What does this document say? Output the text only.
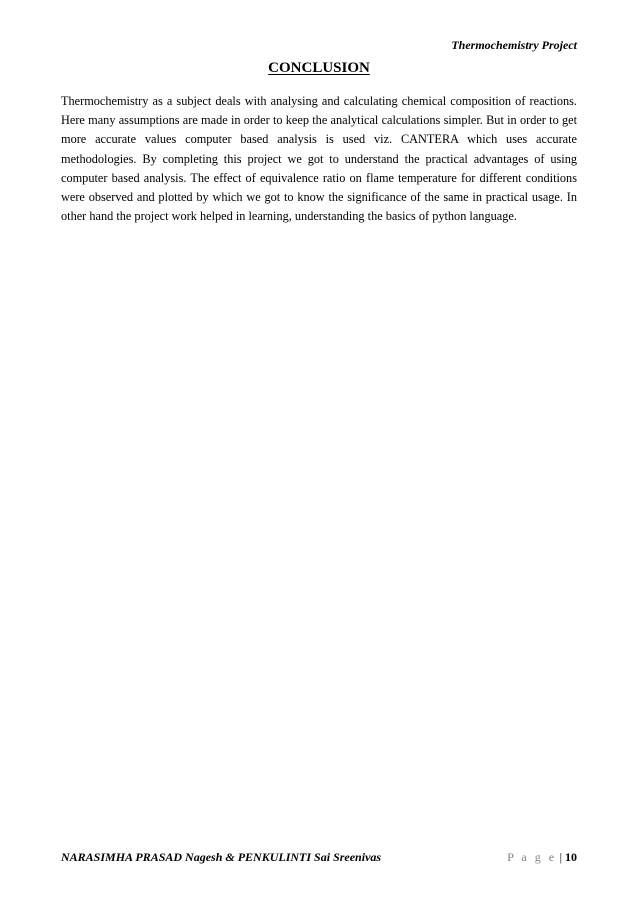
Thermochemistry Project
CONCLUSION

Thermochemistry as a subject deals with analysing and calculating chemical composition of reactions. Here many assumptions are made in order to keep the analytical calculations simpler. But in order to get more accurate values computer based analysis is used viz. CANTERA which uses accurate methodologies. By completing this project we got to understand the practical advantages of using computer based analysis. The effect of equivalence ratio on flame temperature for different conditions were observed and plotted by which we got to know the significance of the same in practical usage. In other hand the project work helped in learning, understanding the basics of python language.

NARASIMHA PRASAD Nagesh & PENKULINTI Sai Sreenivas	P a g e | 10
